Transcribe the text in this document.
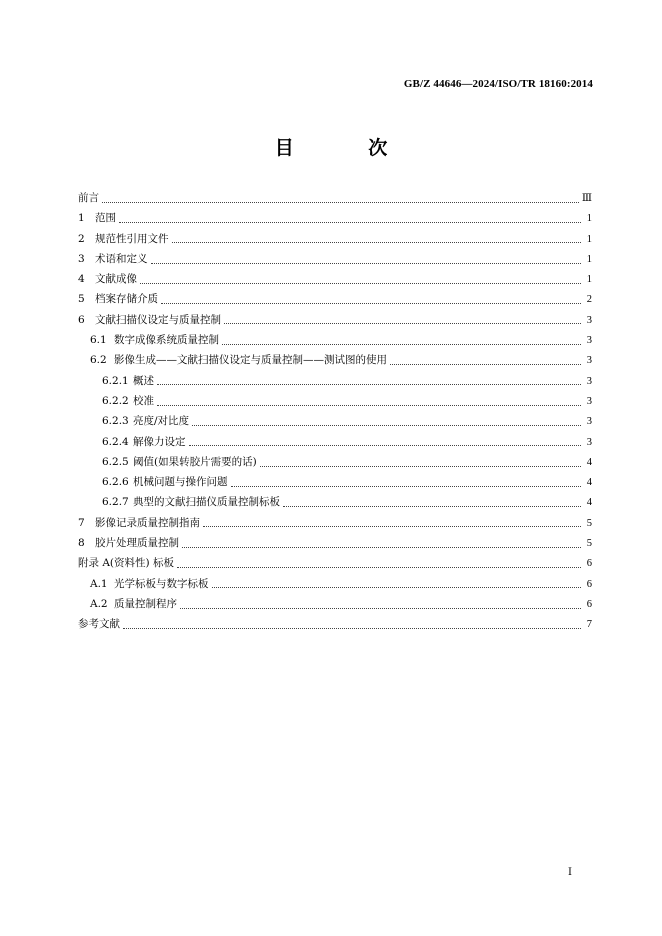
GB/Z 44646—2024/ISO/TR 18160:2014
目 次
前言	Ⅲ
1 范围	1
2 规范性引用文件	1
3 术语和定义	1
4 文献成像	1
5 档案存储介质	2
6 文献扫描仪设定与质量控制	3
6.1 数字成像系统质量控制	3
6.2 影像生成——文献扫描仪设定与质量控制——测试图的使用	3
6.2.1 概述	3
6.2.2 校准	3
6.2.3 亮度/对比度	3
6.2.4 解像力设定	3
6.2.5 阈值(如果转胶片需要的话)	4
6.2.6 机械问题与操作问题	4
6.2.7 典型的文献扫描仪质量控制标板	4
7 影像记录质量控制指南	5
8 胶片处理质量控制	5
附录 A(资料性) 标板	6
A.1 光学标板与数字标板	6
A.2 质量控制程序	6
参考文献	7
I
